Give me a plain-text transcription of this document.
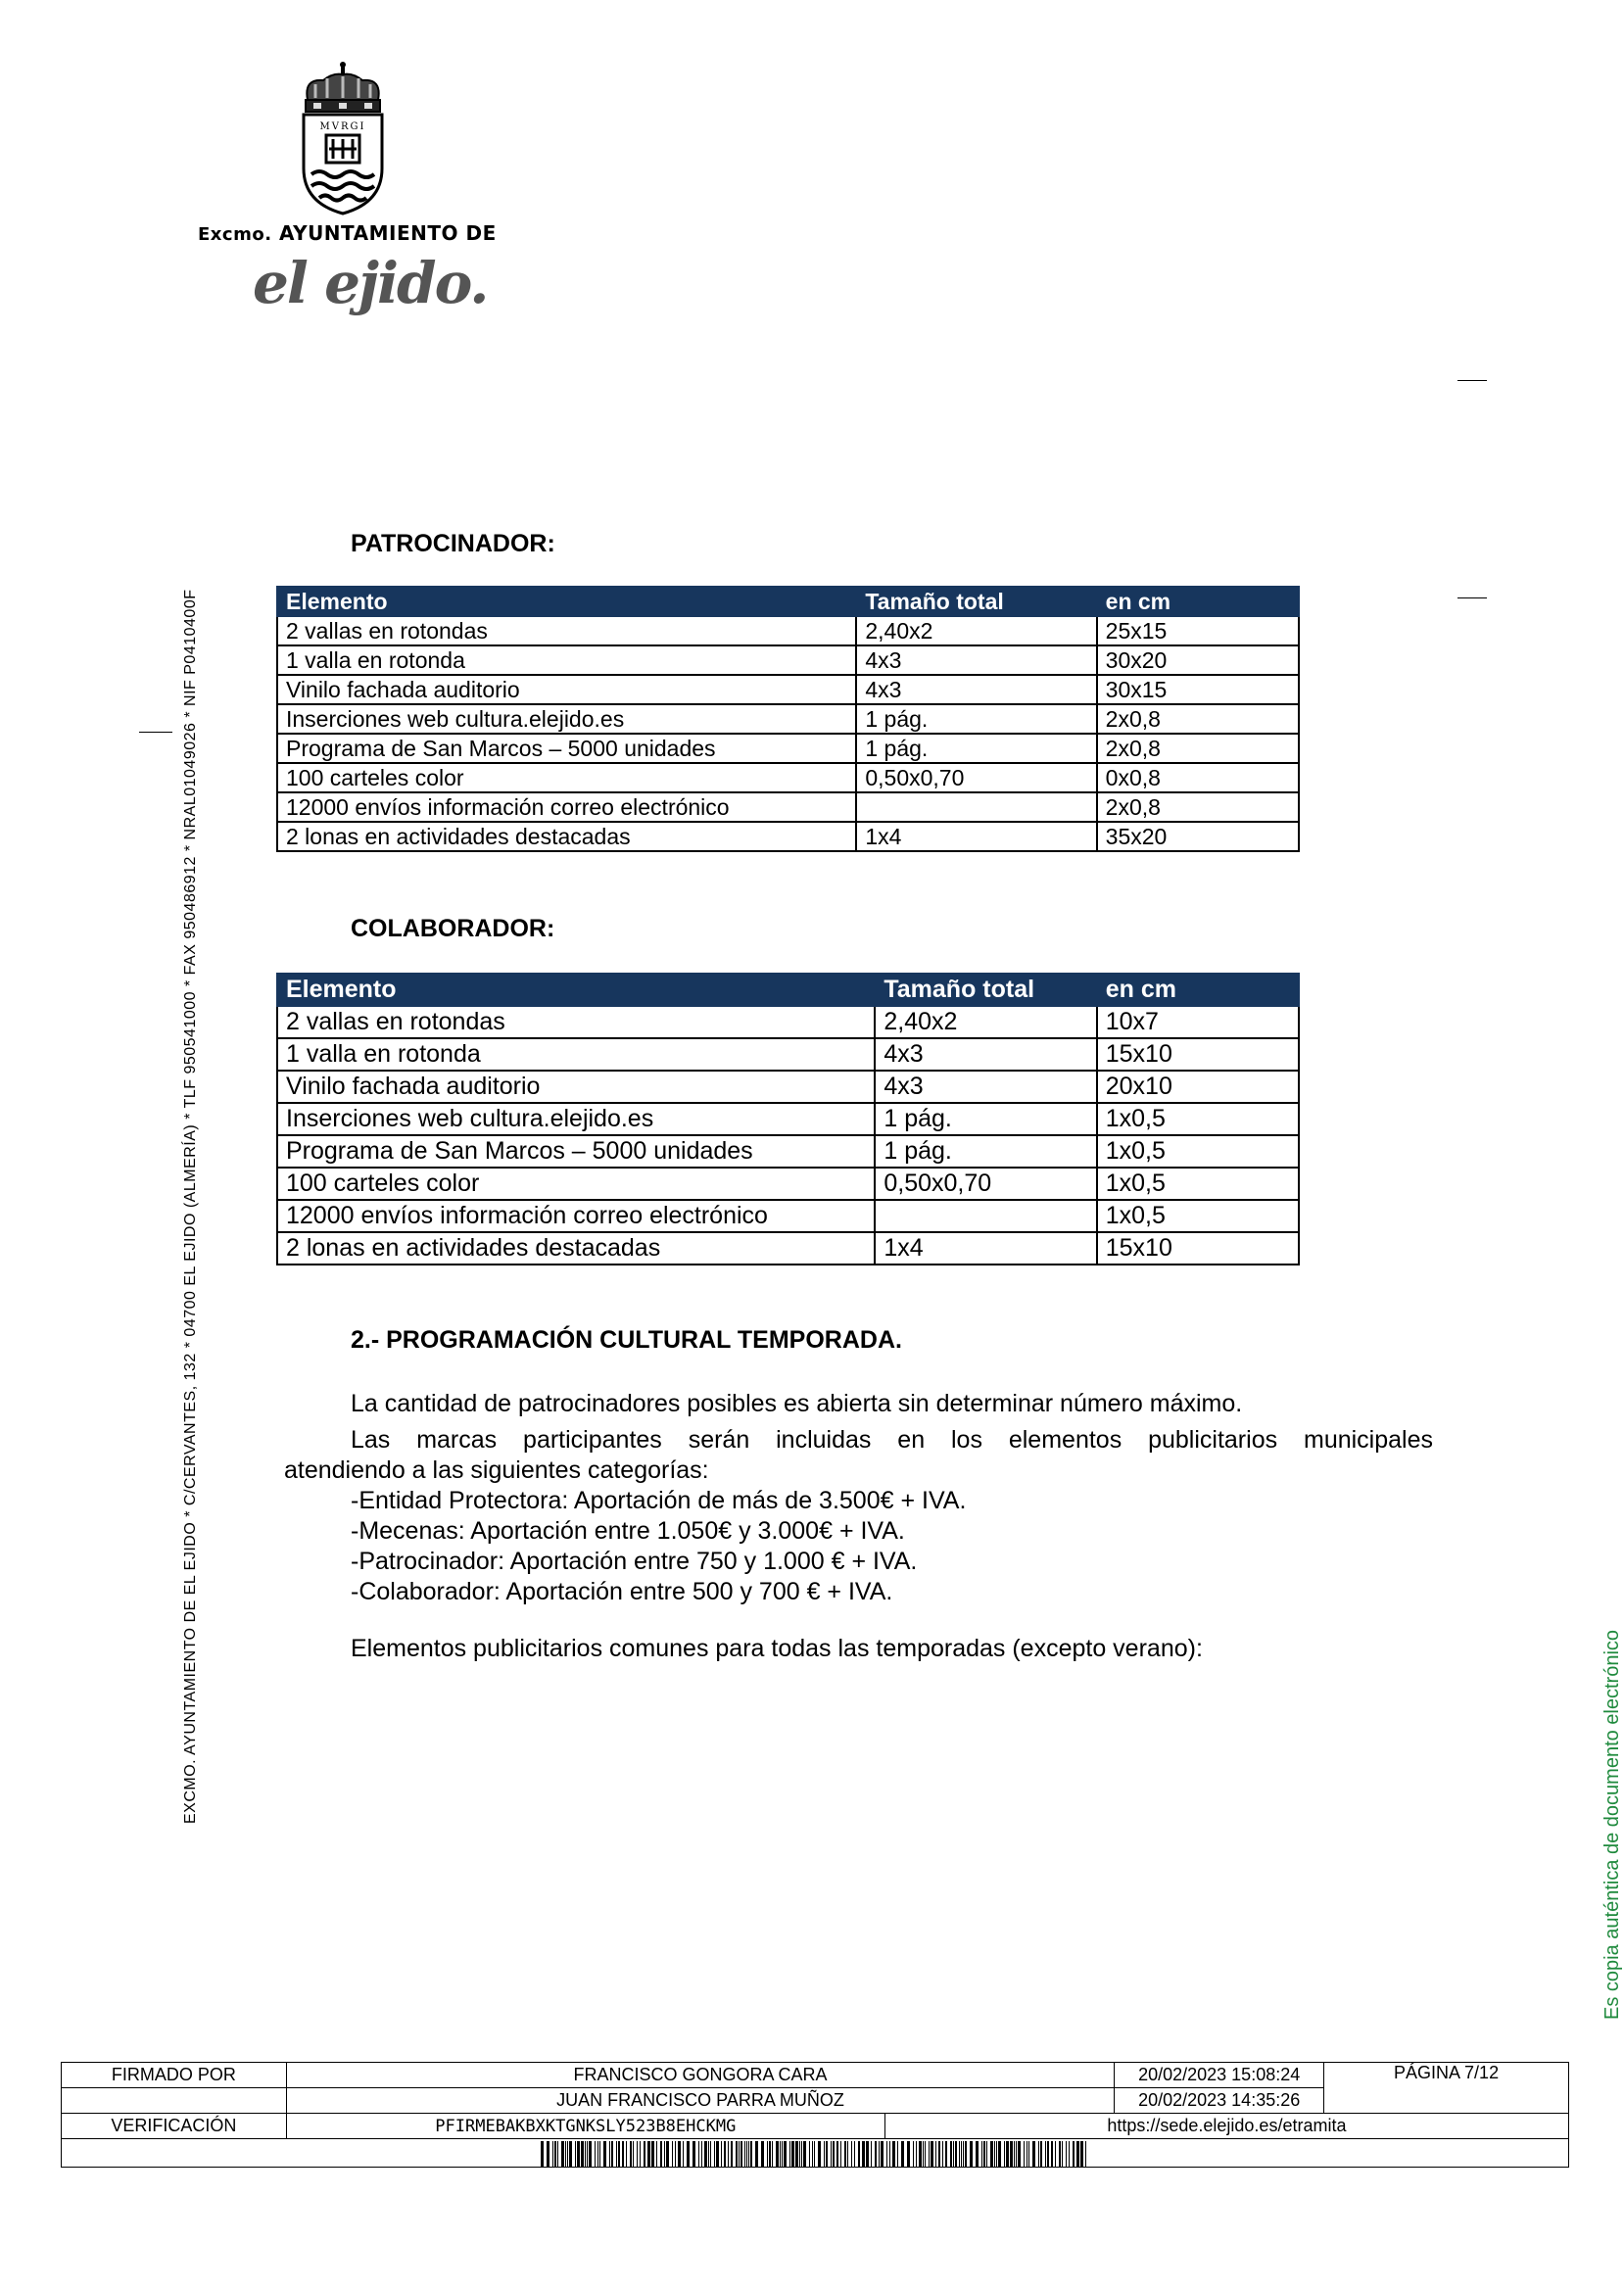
MVRGI
Excmo. AYUNTAMIENTO DE
el ejido.
EXCMO. AYUNTAMIENTO DE EL EJIDO * C/CERVANTES, 132 * 04700 EL EJIDO (ALMERÍA) * TLF 950541000 * FAX 950486912 * NRAL01049026 * NIF P0410400F
Es copia auténtica de documento electrónico
PATROCINADOR:
Elemento	Tamaño total	en cm
2 vallas en rotondas	2,40x2	25x15
1 valla en rotonda	4x3	30x20
Vinilo fachada auditorio	4x3	30x15
Inserciones web cultura.elejido.es	1 pág.	2x0,8
Programa de San Marcos – 5000 unidades	1 pág.	2x0,8
100 carteles color	0,50x0,70	0x0,8
12000 envíos información correo electrónico		2x0,8
2 lonas en actividades destacadas	1x4	35x20
COLABORADOR:
Elemento	Tamaño total	en cm
2 vallas en rotondas	2,40x2	10x7
1 valla en rotonda	4x3	15x10
Vinilo fachada auditorio	4x3	20x10
Inserciones web cultura.elejido.es	1 pág.	1x0,5
Programa de San Marcos – 5000 unidades	1 pág.	1x0,5
100 carteles color	0,50x0,70	1x0,5
12000 envíos información correo electrónico		1x0,5
2 lonas en actividades destacadas	1x4	15x10
2.- PROGRAMACIÓN CULTURAL TEMPORADA.
La cantidad de patrocinadores posibles es abierta sin determinar número máximo.
Las marcas participantes serán incluidas en los elementos publicitarios municipales
atendiendo a las siguientes categorías:
-Entidad Protectora: Aportación de más de 3.500€ + IVA.
-Mecenas: Aportación entre 1.050€ y 3.000€ + IVA.
-Patrocinador: Aportación entre 750 y 1.000 € + IVA.
-Colaborador: Aportación entre 500 y 700 € + IVA.
Elementos publicitarios comunes para todas las temporadas (excepto verano):
FIRMADO POR	FRANCISCO GONGORA CARA	20/02/2023 15:08:24	PÁGINA 7/12
	JUAN FRANCISCO PARRA MUÑOZ	20/02/2023 14:35:26	
VERIFICACIÓN	PFIRMEBAKBXKTGNKSLY523B8EHCKMG https://sede.elejido.es/etramita		
